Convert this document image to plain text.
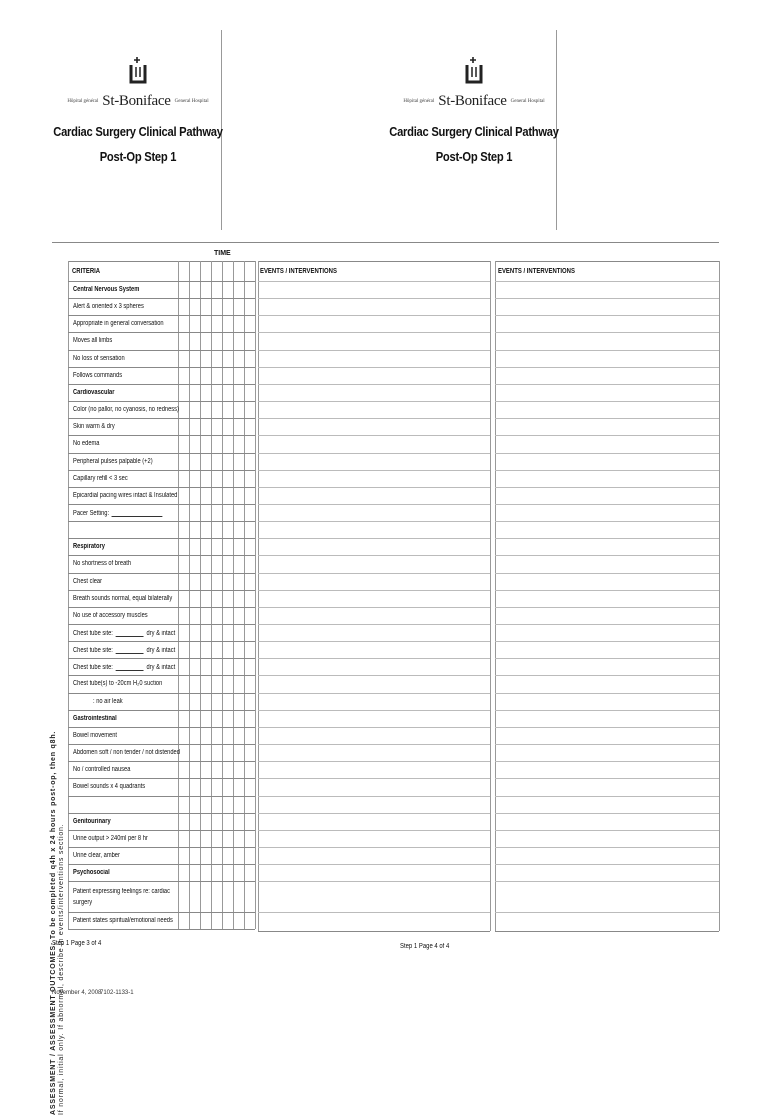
Hôpital général St-Boniface General Hospital
Cardiac Surgery Clinical Pathway
Post-Op Step 1
Hôpital général St-Boniface General Hospital
Cardiac Surgery Clinical Pathway
Post-Op Step 1
TIME
CRITERIA	EVENTS / INTERVENTIONS	EVENTS / INTERVENTIONS
Central Nervous System
Alert & oriented x 3 spheres
Appropriate in general conversation
Moves all limbs
No loss of sensation
Follows commands
Cardiovascular
Color (no pallor, no cyanosis, no redness)
Skin warm & dry
No edema
Peripheral pulses palpable (+2)
Capillary refill < 3 sec
Epicardial pacing wires intact & Insulated
Pacer Setting:
Respiratory
No shortness of breath
Chest clear
Breath sounds normal, equal bilaterally
No use of accessory muscles
Chest tube site:	dry & intact
Chest tube site:	dry & intact
Chest tube site:	dry & intact
Chest tube(s) to -20cm H₂0 suction
: no air leak
Gastrointestinal
Bowel movement
Abdomen soft / non tender / not distended
No / controlled nausea
Bowel sounds x 4 quadrants
Genitourinary
Urine output > 240ml per 8 hr
Urine clear, amber
Psychosocial
Patient expressing feelings re: cardiac surgery
Patient states spiritual/emotional needs
ASSESSMENT / ASSESSMENT OUTCOMES: To be completed q4h x 24 hours post-op, then q8h. If normal, initial only. If abnormal, describe in events/interventions section.
Step 1 Page 3 of 4	Step 1 Page 4 of 4
November 4, 2008
7102-1133-1
